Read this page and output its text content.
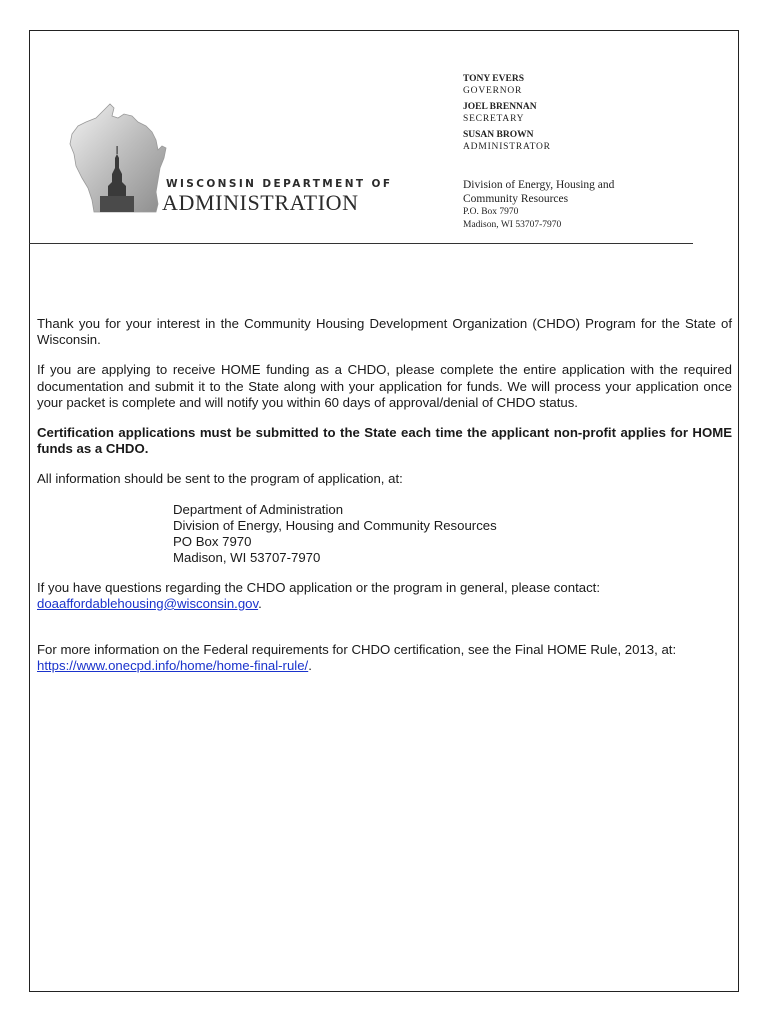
WISCONSIN DEPARTMENT OF
ADMINISTRATION
TONY EVERS
GOVERNOR
JOEL BRENNAN
SECRETARY
SUSAN BROWN
ADMINISTRATOR
Division of Energy, Housing and Community Resources
P.O. Box 7970
Madison, WI 53707-7970

Thank you for your interest in the Community Housing Development Organization (CHDO) Program for the State of Wisconsin.

If you are applying to receive HOME funding as a CHDO, please complete the entire application with the required documentation and submit it to the State along with your application for funds. We will process your application once your packet is complete and will notify you within 60 days of approval/denial of CHDO status.

Certification applications must be submitted to the State each time the applicant non-profit applies for HOME funds as a CHDO.

All information should be sent to the program of application, at:

Department of Administration
Division of Energy, Housing and Community Resources
PO Box 7970
Madison, WI 53707-7970

If you have questions regarding the CHDO application or the program in general, please contact:
doaaffordablehousing@wisconsin.gov.

For more information on the Federal requirements for CHDO certification, see the Final HOME Rule, 2013, at:
https://www.onecpd.info/home/home-final-rule/.
